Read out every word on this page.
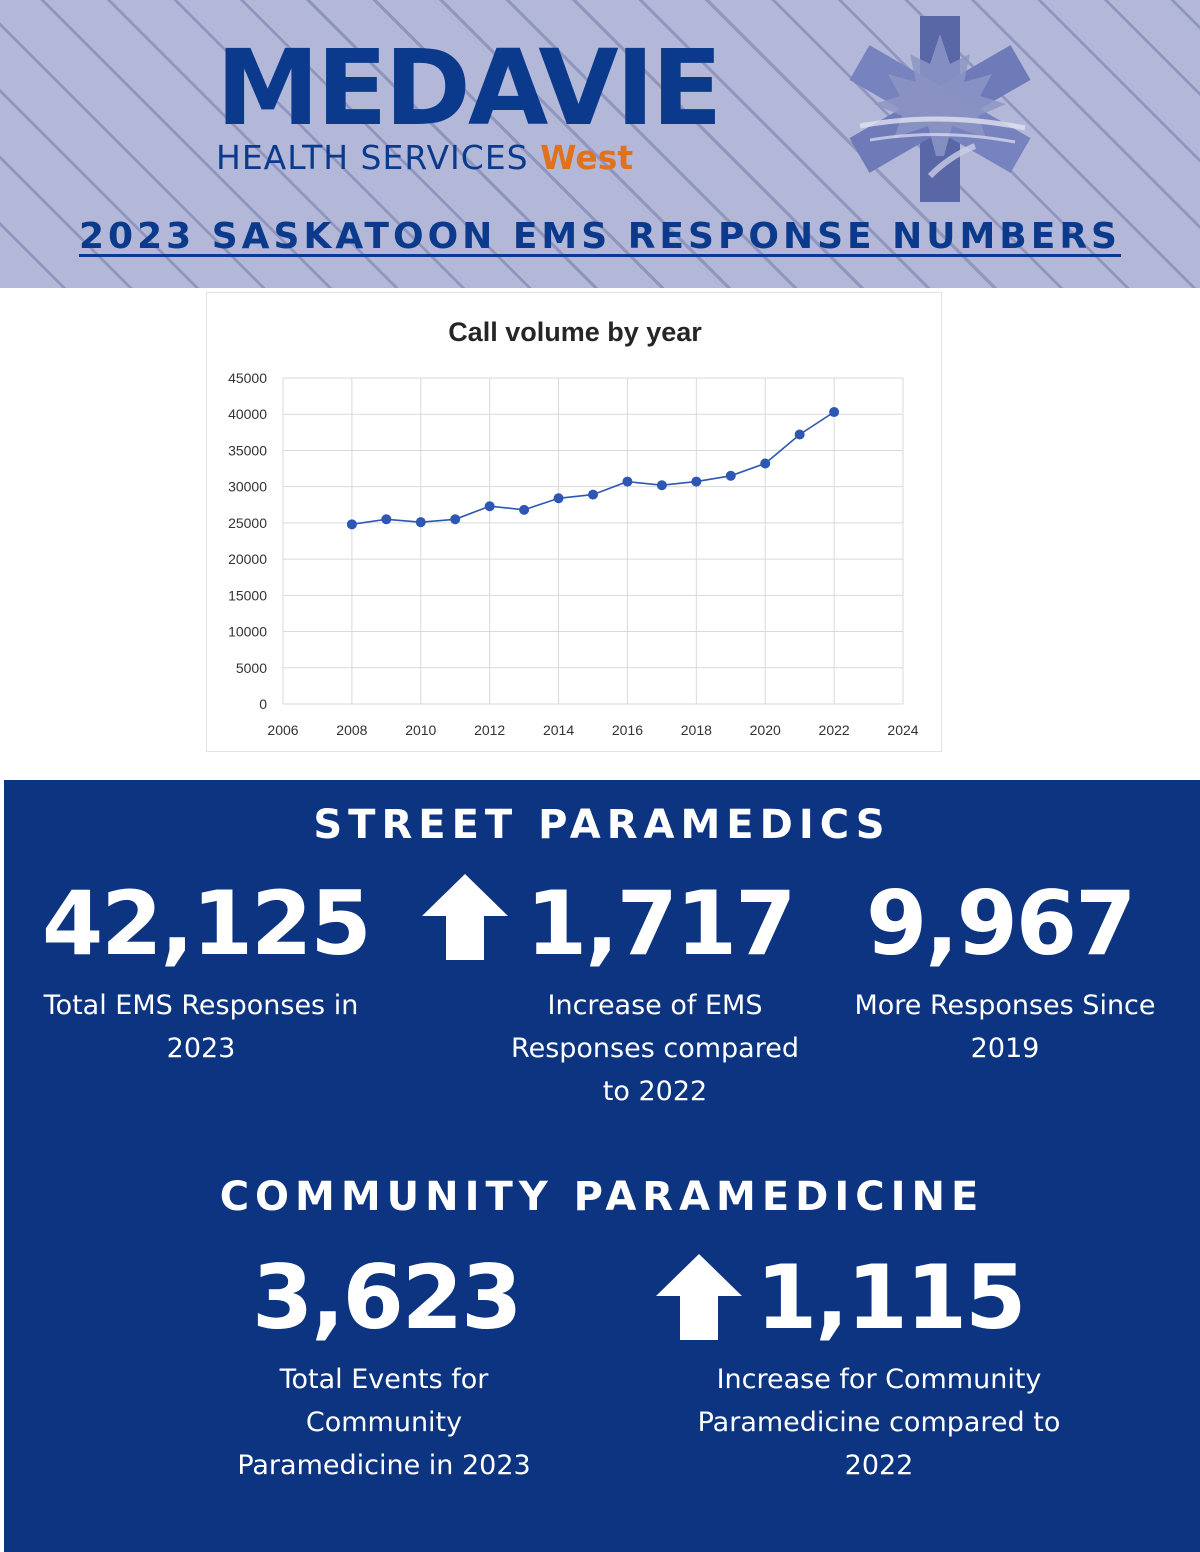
MEDAVIE
HEALTH SERVICES West
2023 SASKATOON EMS RESPONSE NUMBERS
Call volume by year
0
5000
10000
15000
20000
25000
30000
35000
40000
45000
2006	2008	2010	2012	2014	2016	2018	2020	2022	2024
STREET PARAMEDICS
42,125
Total EMS Responses in 2023
1,717
Increase of EMS Responses compared to 2022
9,967
More Responses Since 2019
COMMUNITY PARAMEDICINE
3,623
Total Events for Community Paramedicine in 2023
1,115
Increase for Community Paramedicine compared to 2022
